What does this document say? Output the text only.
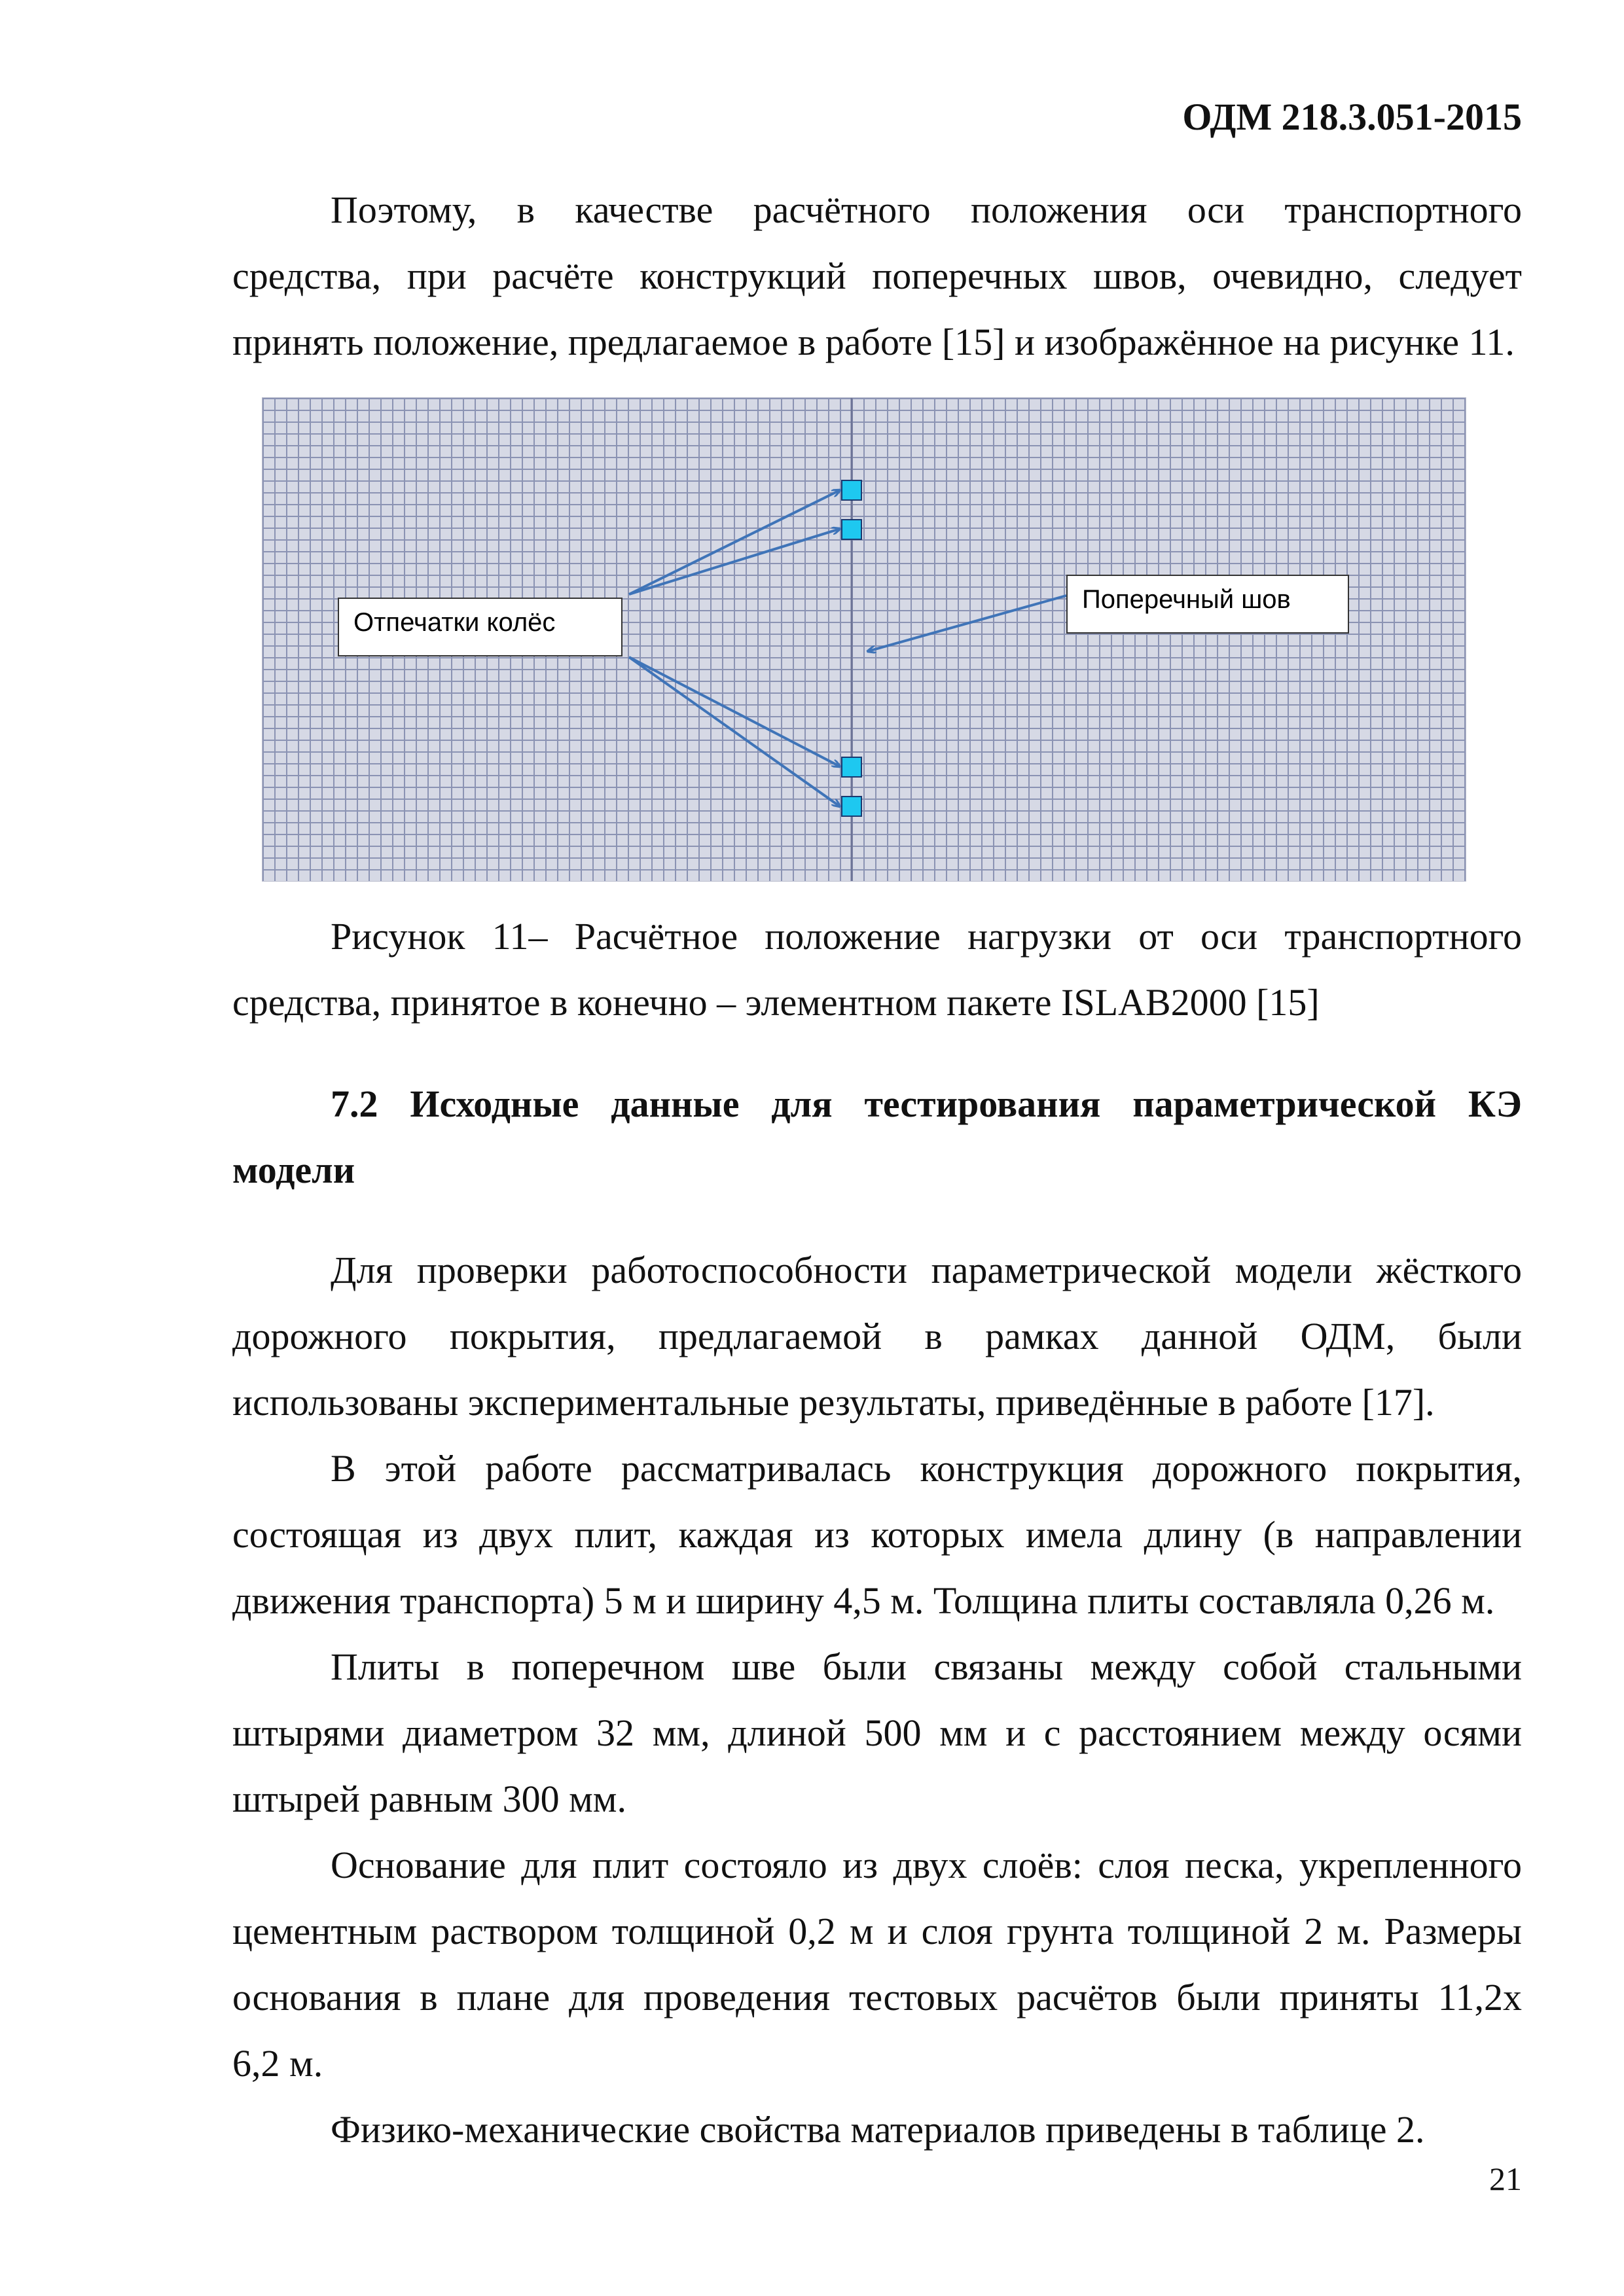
ОДМ 218.3.051-2015
Поэтому, в качестве расчётного положения оси транспортного
средства, при расчёте конструкций поперечных швов, очевидно, следует
принять положение, предлагаемое в работе [15] и изображённое на рисунке 11.
Отпечатки колёс
Поперечный шов
Рисунок 11– Расчётное положение нагрузки от оси транспортного
средства, принятое в конечно – элементном пакете ISLAB2000 [15]
7.2 Исходные данные для тестирования параметрической КЭ
модели
Для проверки работоспособности параметрической модели жёсткого
дорожного покрытия, предлагаемой в рамках данной ОДМ, были
использованы экспериментальные результаты, приведённые в работе [17].
В этой работе рассматривалась конструкция дорожного покрытия,
состоящая из двух плит, каждая из которых имела длину (в направлении
движения транспорта) 5 м и ширину 4,5 м. Толщина плиты составляла 0,26 м.
Плиты в поперечном шве были связаны между собой стальными
штырями диаметром 32 мм, длиной 500 мм и с расстоянием между осями
штырей равным 300 мм.
Основание для плит состояло из двух слоёв: слоя песка, укрепленного
цементным раствором толщиной 0,2 м и слоя грунта толщиной 2 м. Размеры
основания в плане для проведения тестовых расчётов были приняты 11,2х
6,2 м.
Физико-механические свойства материалов приведены в таблице 2.
21
